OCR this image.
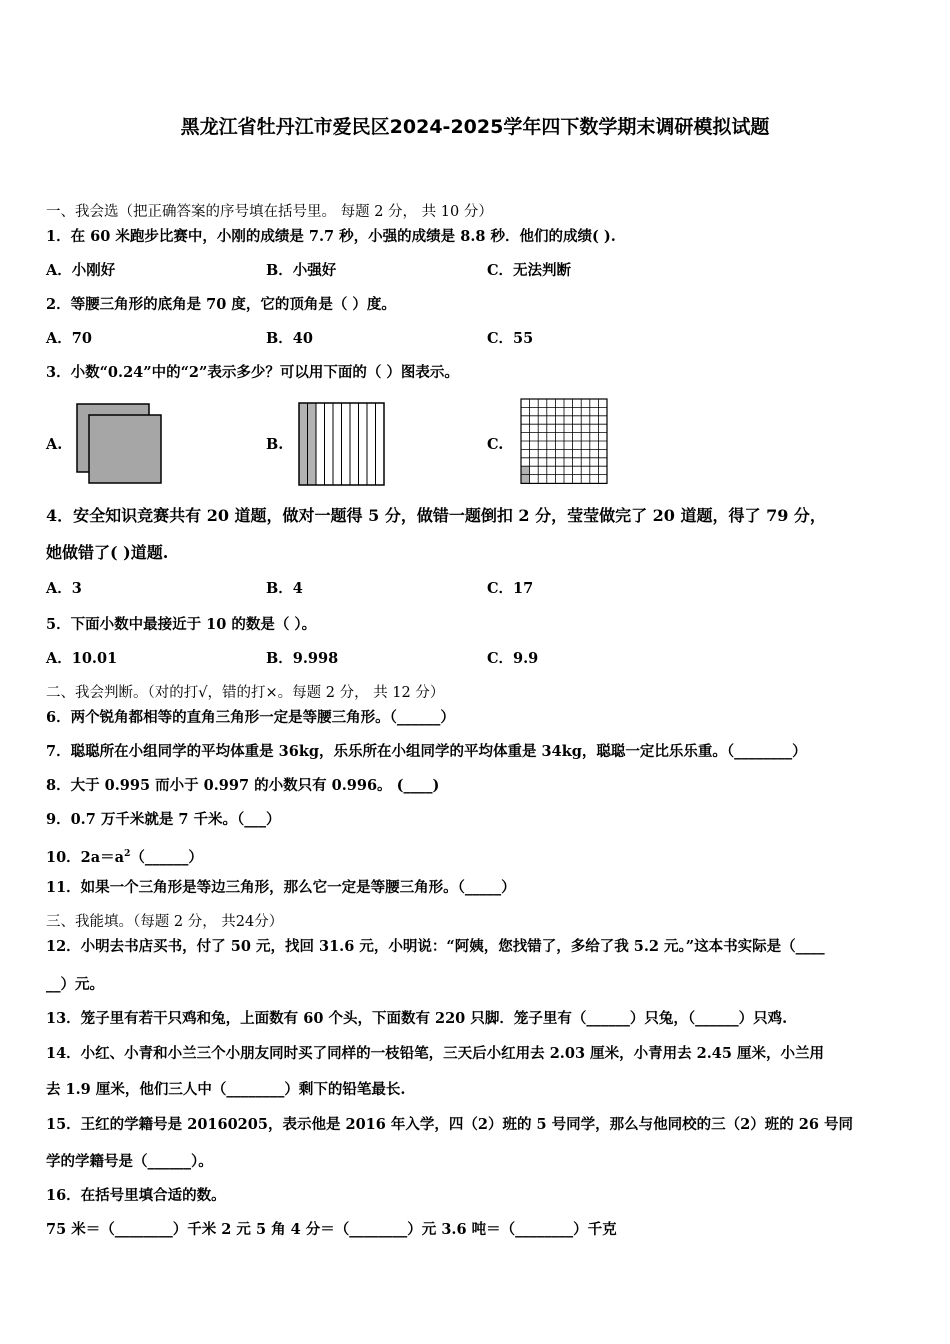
黑龙江省牡丹江市爱民区2024-2025学年四下数学期末调研模拟试题
一、我会选（把正确答案的序号填在括号里。 每题 2 分， 共 10 分）
1．在 60 米跑步比赛中，小刚的成绩是 7.7 秒，小强的成绩是 8.8 秒．他们的成绩( ).
A．小刚好	B．小强好	C．无法判断
2．等腰三角形的底角是 70 度，它的顶角是（ ）度。
A．70	B．40	C．55
3．小数“0.24”中的“2”表示多少？可以用下面的（ ）图表示。
A.	B.	C.
4．安全知识竞赛共有 20 道题，做对一题得 5 分，做错一题倒扣 2 分，莹莹做完了 20 道题，得了 79 分，
她做错了( )道题.
A．3	B．4	C．17
5．下面小数中最接近于 10 的数是（ ）。
A．10.01	B．9.998	C．9.9
二、我会判断。（对的打√，错的打×。每题 2 分， 共 12 分）
6．两个锐角都相等的直角三角形一定是等腰三角形。（______）
7．聪聪所在小组同学的平均体重是 36kg，乐乐所在小组同学的平均体重是 34kg，聪聪一定比乐乐重。（________）
8．大于 0.995 而小于 0.997 的小数只有 0.996。 (____)
9．0.7 万千米就是 7 千米。（___）
10．$2a=a^2(\_\_\_\_\_\_)$
11．如果一个三角形是等边三角形，那么它一定是等腰三角形。（_____）
三、我能填。（每题 2 分， 共24分）
12．小明去书店买书，付了 50 元，找回 31.6 元，小明说：“阿姨，您找错了，多给了我 5.2 元。”这本书实际是（____
__）元。
13．笼子里有若干只鸡和兔，上面数有 60 个头，下面数有 220 只脚．笼子里有（______）只兔，（______）只鸡.
14．小红、小青和小兰三个小朋友同时买了同样的一枝铅笔，三天后小红用去 2.03 厘米，小青用去 2.45 厘米，小兰用
去 1.9 厘米，他们三人中（________）剩下的铅笔最长.
15．王红的学籍号是 20160205，表示他是 2016 年入学，四（2）班的 5 号同学，那么与他同校的三（2）班的 26 号同
学的学籍号是（______）。
16．在括号里填合适的数。
75 米＝（________）千米 2 元 5 角 4 分＝（________）元 3.6 吨＝（________）千克
